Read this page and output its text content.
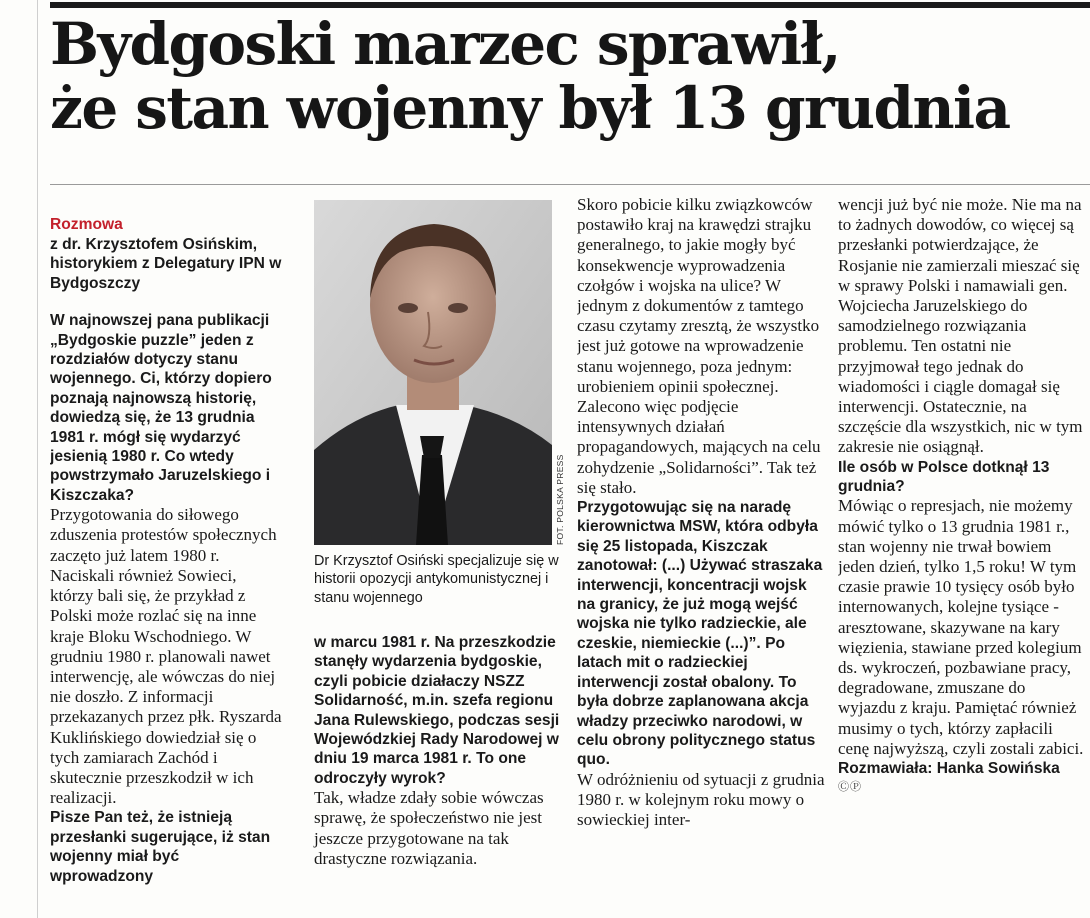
Bydgoski marzec sprawił,
że stan wojenny był 13 grudnia

Rozmowa

z dr. Krzysztofem Osińskim, historykiem z Delegatury IPN w Bydgoszczy

W najnowszej pana publikacji „Bydgoskie puzzle” jeden z rozdziałów dotyczy stanu wojennego. Ci, którzy dopiero poznają najnowszą historię, dowiedzą się, że 13 grudnia 1981 r. mógł się wydarzyć jesienią 1980 r. Co wtedy powstrzymało Jaruzelskiego i Kiszczaka?

Przygotowania do siłowego zduszenia protestów społecznych zaczęto już latem 1980 r. Naciskali również Sowieci, którzy bali się, że przykład z Polski może rozlać się na inne kraje Bloku Wschodniego. W grudniu 1980 r. planowali nawet interwencję, ale wówczas do niej nie doszło. Z informacji przekazanych przez płk. Ryszarda Kuklińskiego dowiedział się o tych zamiarach Zachód i skutecznie przeszkodził w ich realizacji.

Pisze Pan też, że istnieją przesłanki sugerujące, iż stan wojenny miał być wprowadzony

FOT. POLSKA PRESS

Dr Krzysztof Osiński specjalizuje się w historii opozycji antykomunistycznej i stanu wojennego

w marcu 1981 r. Na przeszkodzie stanęły wydarzenia bydgoskie, czyli pobicie działaczy NSZZ Solidarność, m.in. szefa regionu Jana Rulewskiego, podczas sesji Wojewódzkiej Rady Narodowej w dniu 19 marca 1981 r. To one odroczyły wyrok?

Tak, władze zdały sobie wówczas sprawę, że społeczeństwo nie jest jeszcze przygotowane na tak drastyczne rozwiązania.

Skoro pobicie kilku związkowców postawiło kraj na krawędzi strajku generalnego, to jakie mogły być konsekwencje wyprowadzenia czołgów i wojska na ulice? W jednym z dokumentów z tamtego czasu czytamy zresztą, że wszystko jest już gotowe na wprowadzenie stanu wojennego, poza jednym: urobieniem opinii społecznej. Zalecono więc podjęcie intensywnych działań propagandowych, mających na celu zohydzenie „Solidarności”. Tak też się stało.

Przygotowując się na naradę kierownictwa MSW, która odbyła się 25 listopada, Kiszczak zanotował: (...) Używać straszaka interwencji, koncentracji wojsk na granicy, że już mogą wejść wojska nie tylko radzieckie, ale czeskie, niemieckie (...)”. Po latach mit o radzieckiej interwencji został obalony. To była dobrze zaplanowana akcja władzy przeciwko narodowi, w celu obrony politycznego status quo.

W odróżnieniu od sytuacji z grudnia 1980 r. w kolejnym roku mowy o sowieckiej inter-

wencji już być nie może. Nie ma na to żadnych dowodów, co więcej są przesłanki potwierdzające, że Rosjanie nie zamierzali mieszać się w sprawy Polski i namawiali gen. Wojciecha Jaruzelskiego do samodzielnego rozwiązania problemu. Ten ostatni nie przyjmował tego jednak do wiadomości i ciągle domagał się interwencji. Ostatecznie, na szczęście dla wszystkich, nic w tym zakresie nie osiągnął.

Ile osób w Polsce dotknął 13 grudnia?

Mówiąc o represjach, nie możemy mówić tylko o 13 grudnia 1981 r., stan wojenny nie trwał bowiem jeden dzień, tylko 1,5 roku! W tym czasie prawie 10 tysięcy osób było internowanych, kolejne tysiące - aresztowane, skazywane na kary więzienia, stawiane przed kolegium ds. wykroczeń, pozbawiane pracy, degradowane, zmuszane do wyjazdu z kraju. Pamiętać również musimy o tych, którzy zapłacili cenę najwyższą, czyli zostali zabici.

Rozmawiała: Hanka Sowińska

ⒸⓅ
